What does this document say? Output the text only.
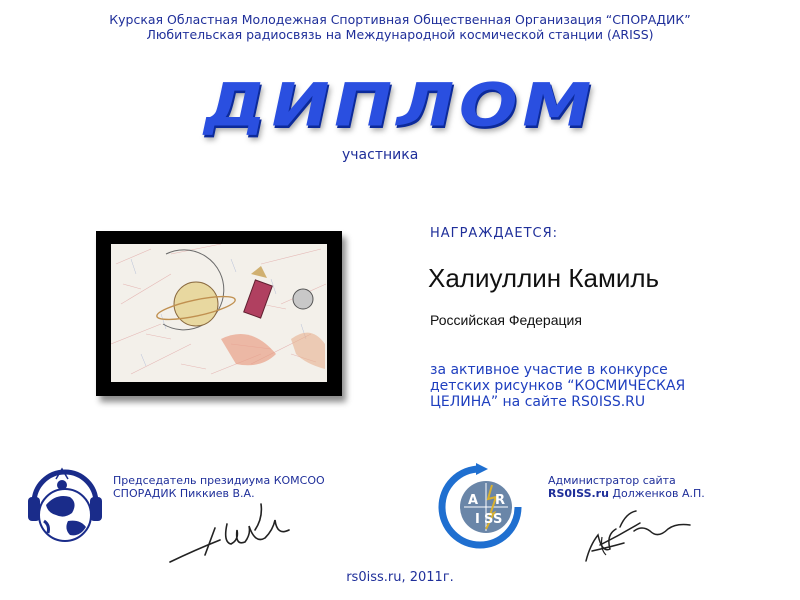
Курская Областная Молодежная Спортивная Общественная Организация “СПОРАДИК”
Любительская радиосвязь на Международной космической станции (ARISS)
ДИПЛОМ
участника
НАГРАЖДАЕТСЯ:
Халиуллин Камиль
Российская Федерация
за активное участие в конкурсе
детских рисунков “КОСМИЧЕСКАЯ
ЦЕЛИНА” на сайте RS0ISS.RU
Председатель президиума КОМСОО
СПОРАДИК Пиккиев В.А.	A R
I S S
Администратор сайта
RS0ISS.ru Долженков А.П.
rs0iss.ru, 2011г.
